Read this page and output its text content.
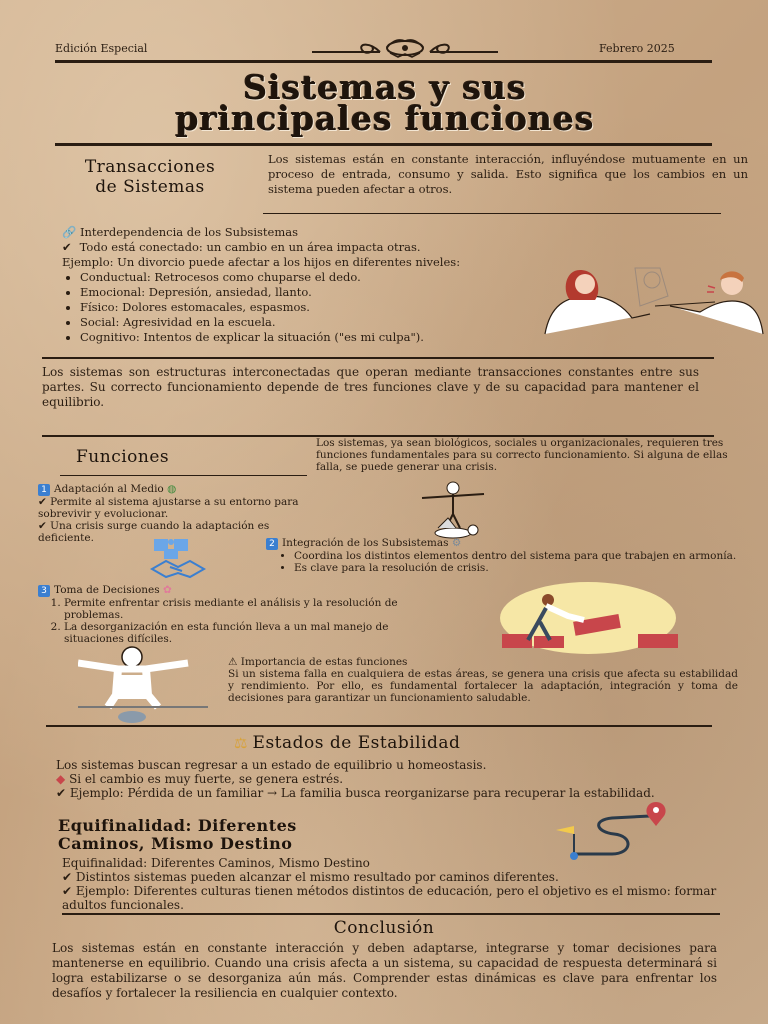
Edición Especial	Febrero 2025
Sistemas y sus
principales funciones
Transacciones
de Sistemas
Los sistemas están en constante interacción, influyéndose mutuamente en un proceso de entrada, consumo y salida. Esto significa que los cambios en un sistema pueden afectar a otros.
🔗 Interdependencia de los Subsistemas
✔ Todo está conectado: un cambio en un área impacta otras.
Ejemplo: Un divorcio puede afectar a los hijos en diferentes niveles:
• Conductual: Retrocesos como chuparse el dedo.
• Emocional: Depresión, ansiedad, llanto.
• Físico: Dolores estomacales, espasmos.
• Social: Agresividad en la escuela.
• Cognitivo: Intentos de explicar la situación ("es mi culpa").
Los sistemas son estructuras interconectadas que operan mediante transacciones constantes entre sus partes. Su correcto funcionamiento depende de tres funciones clave y de su capacidad para mantener el equilibrio.
Funciones
Los sistemas, ya sean biológicos, sociales u organizacionales, requieren tres funciones fundamentales para su correcto funcionamiento. Si alguna de ellas falla, se puede generar una crisis.
1 Adaptación al Medio ◍
✔ Permite al sistema ajustarse a su entorno para sobrevivir y evolucionar.
✔ Una crisis surge cuando la adaptación es deficiente.	2 Integración de los Subsistemas ⚙
• Coordina los distintos elementos dentro del sistema para que trabajen en armonía.
• Es clave para la resolución de crisis.
3 Toma de Decisiones ✿
1. Permite enfrentar crisis mediante el análisis y la resolución de problemas.
2. La desorganización en esta función lleva a un mal manejo de situaciones difíciles.
⚠ Importancia de estas funciones
Si un sistema falla en cualquiera de estas áreas, se genera una crisis que afecta su estabilidad y rendimiento. Por ello, es fundamental fortalecer la adaptación, integración y toma de decisiones para garantizar un funcionamiento saludable.
⚖ Estados de Estabilidad
Los sistemas buscan regresar a un estado de equilibrio u homeostasis.
◆ Si el cambio es muy fuerte, se genera estrés.
✔ Ejemplo: Pérdida de un familiar → La familia busca reorganizarse para recuperar la estabilidad.
Equifinalidad: Diferentes
Caminos, Mismo Destino
Equifinalidad: Diferentes Caminos, Mismo Destino
✔ Distintos sistemas pueden alcanzar el mismo resultado por caminos diferentes.
✔ Ejemplo: Diferentes culturas tienen métodos distintos de educación, pero el objetivo es el mismo: formar adultos funcionales.
Conclusión
Los sistemas están en constante interacción y deben adaptarse, integrarse y tomar decisiones para mantenerse en equilibrio. Cuando una crisis afecta a un sistema, su capacidad de respuesta determinará si logra estabilizarse o se desorganiza aún más. Comprender estas dinámicas es clave para enfrentar los desafíos y fortalecer la resiliencia en cualquier contexto.
